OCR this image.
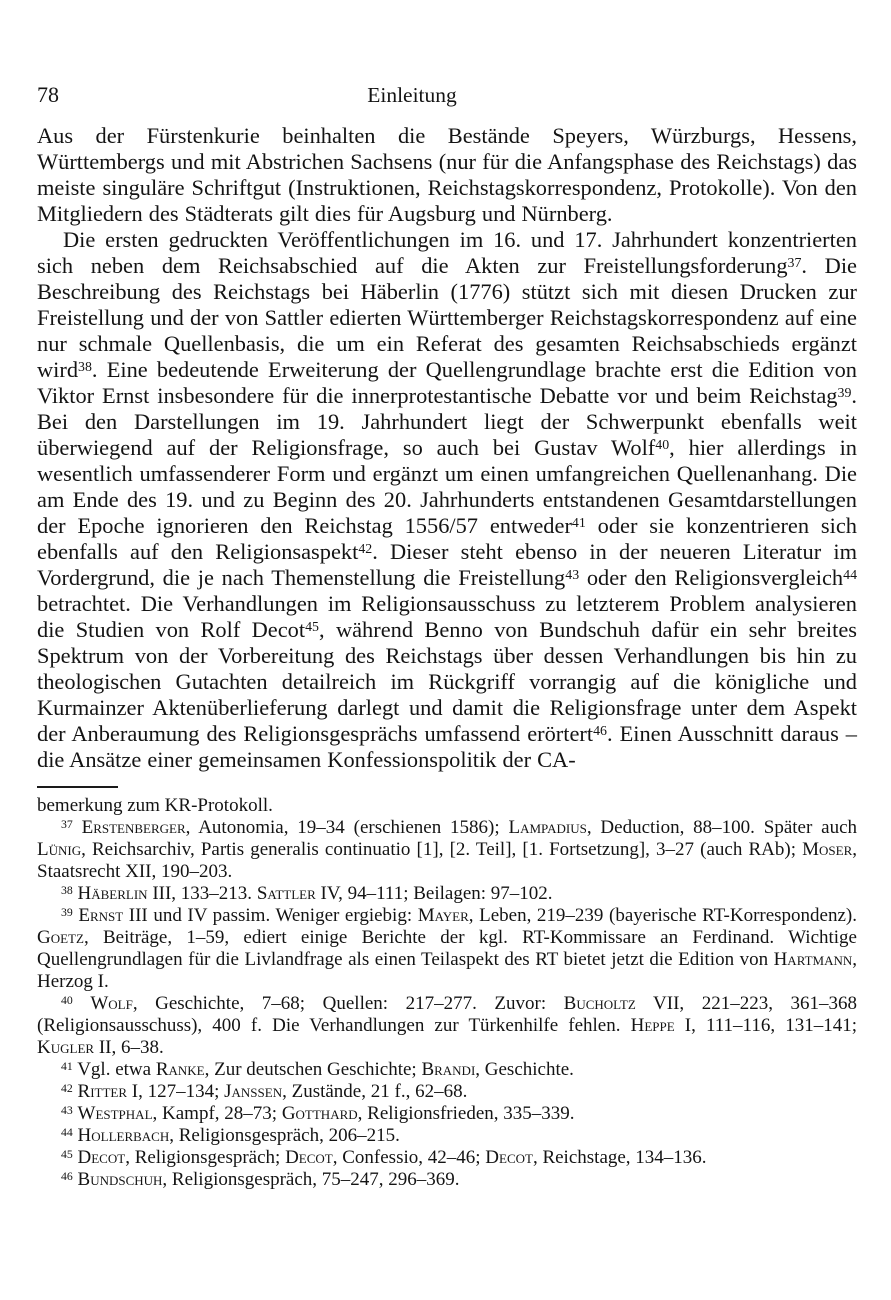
78	Einleitung

Aus der Fürstenkurie beinhalten die Bestände Speyers, Würzburgs, Hessens, Württembergs und mit Abstrichen Sachsens (nur für die Anfangsphase des Reichstags) das meiste singuläre Schriftgut (Instruktionen, Reichstagskorrespondenz, Protokolle). Von den Mitgliedern des Städterats gilt dies für Augsburg und Nürnberg.

Die ersten gedruckten Veröffentlichungen im 16. und 17. Jahrhundert konzentrierten sich neben dem Reichsabschied auf die Akten zur Freistellungsforderung$^{37}$. Die Beschreibung des Reichstags bei Häberlin (1776) stützt sich mit diesen Drucken zur Freistellung und der von Sattler edierten Württemberger Reichstagskorrespondenz auf eine nur schmale Quellenbasis, die um ein Referat des gesamten Reichsabschieds ergänzt wird$^{38}$. Eine bedeutende Erweiterung der Quellengrundlage brachte erst die Edition von Viktor Ernst insbesondere für die innerprotestantische Debatte vor und beim Reichstag$^{39}$. Bei den Darstellungen im 19. Jahrhundert liegt der Schwerpunkt ebenfalls weit überwiegend auf der Religionsfrage, so auch bei Gustav Wolf$^{40}$, hier allerdings in wesentlich umfassenderer Form und ergänzt um einen umfangreichen Quellenanhang. Die am Ende des 19. und zu Beginn des 20. Jahrhunderts entstandenen Gesamtdarstellungen der Epoche ignorieren den Reichstag 1556/57 entweder$^{41}$ oder sie konzentrieren sich ebenfalls auf den Religionsaspekt$^{42}$. Dieser steht ebenso in der neueren Literatur im Vordergrund, die je nach Themenstellung die Freistellung$^{43}$ oder den Religionsvergleich$^{44}$ betrachtet. Die Verhandlungen im Religionsausschuss zu letzterem Problem analysieren die Studien von Rolf Decot$^{45}$, während Benno von Bundschuh dafür ein sehr breites Spektrum von der Vorbereitung des Reichstags über dessen Verhandlungen bis hin zu theologischen Gutachten detailreich im Rückgriff vorrangig auf die königliche und Kurmainzer Aktenüberlieferung darlegt und damit die Religionsfrage unter dem Aspekt der Anberaumung des Religionsgesprächs umfassend erörtert$^{46}$. Einen Ausschnitt daraus – die Ansätze einer gemeinsamen Konfessionspolitik der CA-

bemerkung zum KR-Protokoll.

$^{37}$ Erstenberger, Autonomia, 19–34 (erschienen 1586); Lampadius, Deduction, 88–100. Später auch Lünig, Reichsarchiv, Partis generalis continuatio [1], [2. Teil], [1. Fortsetzung], 3–27 (auch RAb); Moser, Staatsrecht XII, 190–203.

$^{38}$ Häberlin III, 133–213. Sattler IV, 94–111; Beilagen: 97–102.

$^{39}$ Ernst III und IV passim. Weniger ergiebig: Mayer, Leben, 219–239 (bayerische RT-Korrespondenz). Goetz, Beiträge, 1–59, ediert einige Berichte der kgl. RT-Kommissare an Ferdinand. Wichtige Quellengrundlagen für die Livlandfrage als einen Teilaspekt des RT bietet jetzt die Edition von Hartmann, Herzog I.

$^{40}$ Wolf, Geschichte, 7–68; Quellen: 217–277. Zuvor: Bucholtz VII, 221–223, 361–368 (Religionsausschuss), 400 f. Die Verhandlungen zur Türkenhilfe fehlen. Heppe I, 111–116, 131–141; Kugler II, 6–38.

$^{41}$ Vgl. etwa Ranke, Zur deutschen Geschichte; Brandi, Geschichte.

$^{42}$ Ritter I, 127–134; Janssen, Zustände, 21 f., 62–68.

$^{43}$ Westphal, Kampf, 28–73; Gotthard, Religionsfrieden, 335–339.

$^{44}$ Hollerbach, Religionsgespräch, 206–215.

$^{45}$ Decot, Religionsgespräch; Decot, Confessio, 42–46; Decot, Reichstage, 134–136.

$^{46}$ Bundschuh, Religionsgespräch, 75–247, 296–369.
